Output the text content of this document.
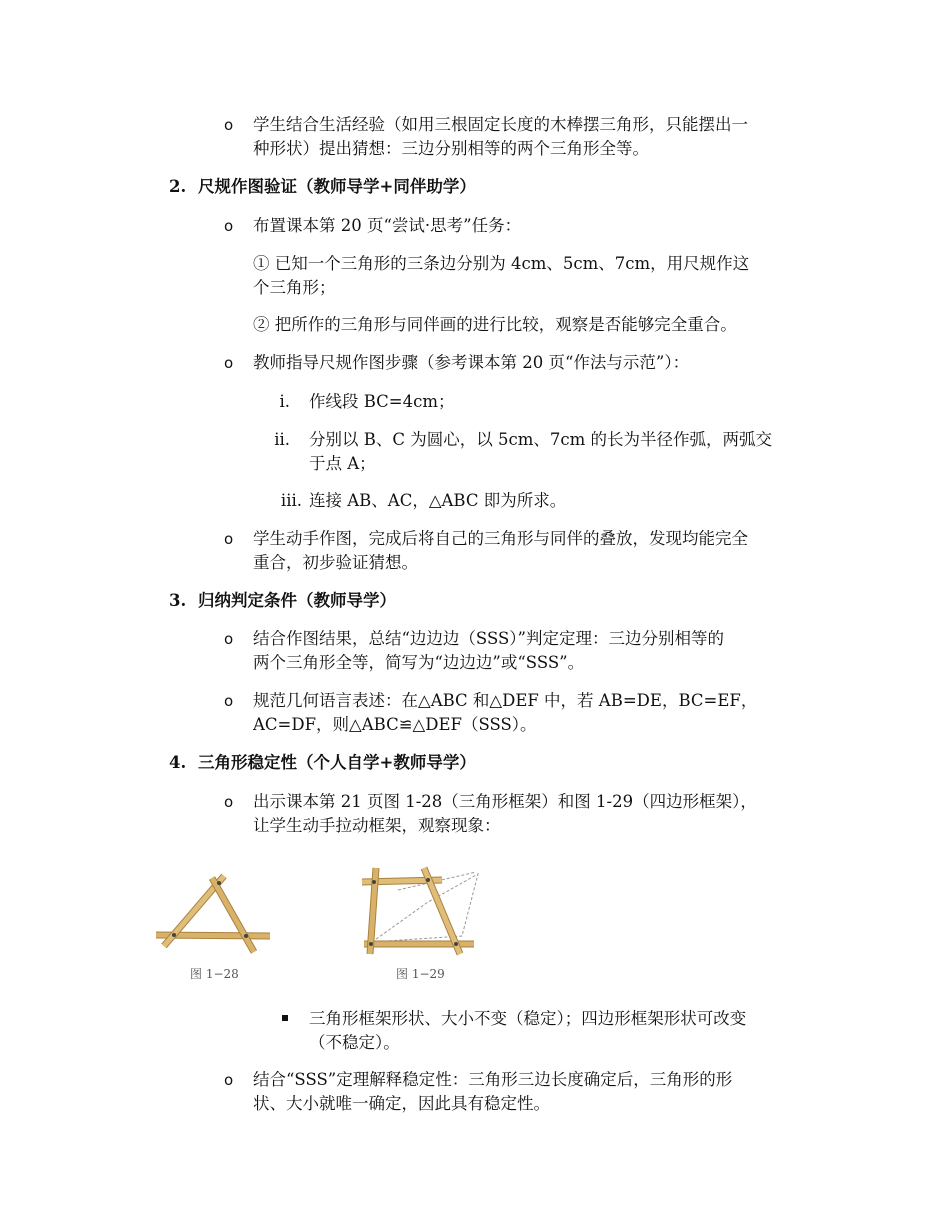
o 学生结合生活经验（如用三根固定长度的木棒摆三角形，只能摆出一
种形状）提出猜想：三边分别相等的两个三角形全等。
2. 尺规作图验证（教师导学+同伴助学）
o 布置课本第 20 页“尝试·思考”任务：
① 已知一个三角形的三条边分别为 4cm、5cm、7cm，用尺规作这
个三角形；
② 把所作的三角形与同伴画的进行比较，观察是否能够完全重合。
o 教师指导尺规作图步骤（参考课本第 20 页“作法与示范”）：
i. 作线段 BC=4cm；
ii. 分别以 B、C 为圆心，以 5cm、7cm 的长为半径作弧，两弧交
于点 A；
iii. 连接 AB、AC，△ABC 即为所求。
o 学生动手作图，完成后将自己的三角形与同伴的叠放，发现均能完全
重合，初步验证猜想。
3. 归纳判定条件（教师导学）
o 结合作图结果，总结“边边边（SSS）”判定定理：三边分别相等的
两个三角形全等，简写为“边边边”或“SSS”。
o 规范几何语言表述：在△ABC 和△DEF 中，若 AB=DE，BC=EF，
AC=DF，则△ABC≌△DEF（SSS）。
4. 三角形稳定性（个人自学+教师导学）
o 出示课本第 21 页图 1-28（三角形框架）和图 1-29（四边形框架），
让学生动手拉动框架，观察现象：
图 1−28	图 1−29
三角形框架形状、大小不变（稳定）；四边形框架形状可改变
（不稳定）。
o 结合“SSS”定理解释稳定性：三角形三边长度确定后，三角形的形
状、大小就唯一确定，因此具有稳定性。
